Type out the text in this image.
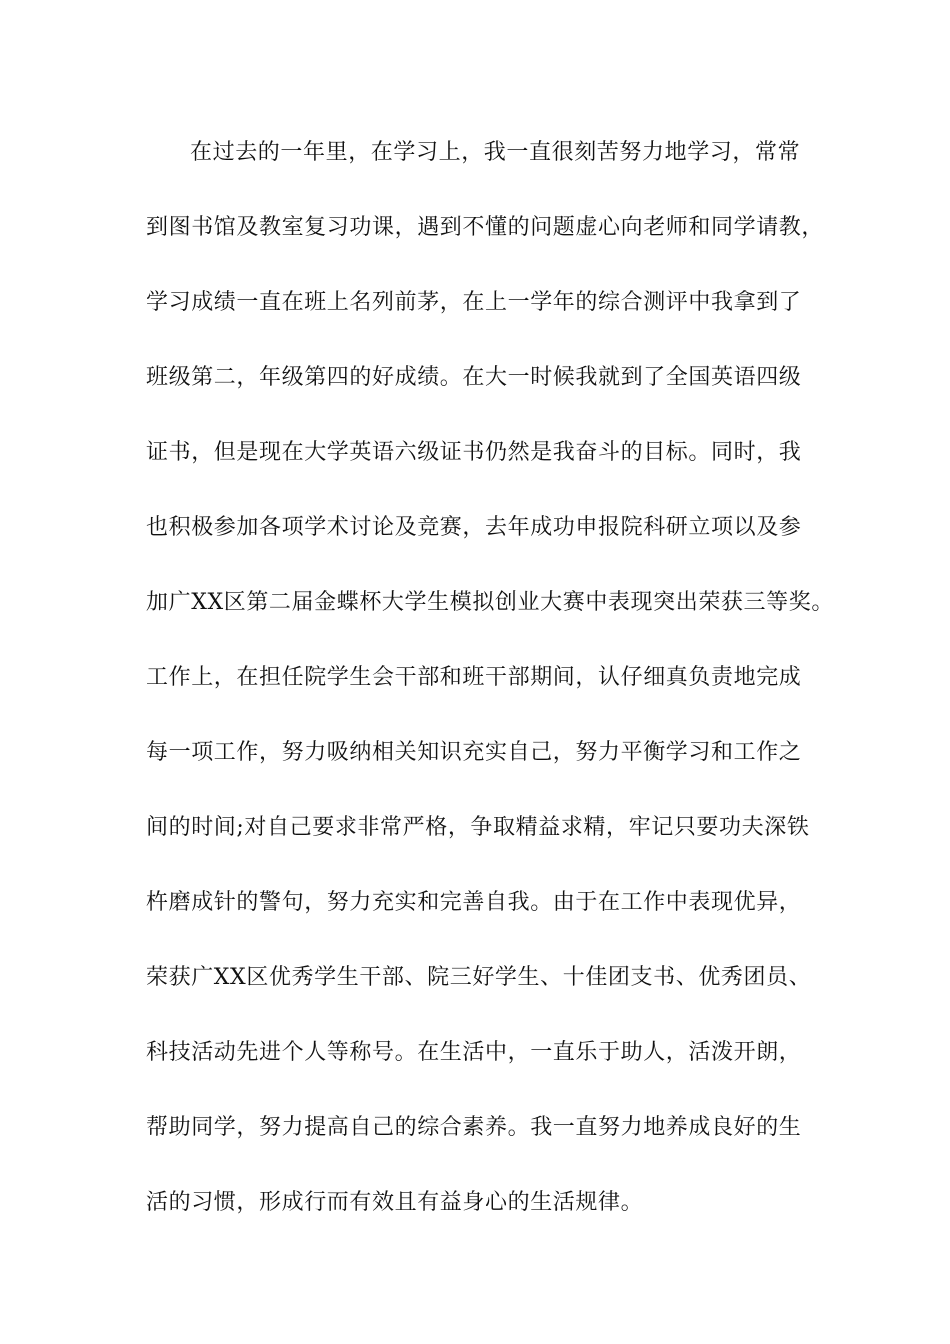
在过去的一年里，在学习上，我一直很刻苦努力地学习，常常
到图书馆及教室复习功课，遇到不懂的问题虚心向老师和同学请教，
学习成绩一直在班上名列前茅，在上一学年的综合测评中我拿到了
班级第二，年级第四的好成绩。在大一时候我就到了全国英语四级
证书，但是现在大学英语六级证书仍然是我奋斗的目标。同时，我
也积极参加各项学术讨论及竞赛，去年成功申报院科研立项以及参
加广XX区第二届金蝶杯大学生模拟创业大赛中表现突出荣获三等奖。
工作上，在担任院学生会干部和班干部期间，认仔细真负责地完成
每一项工作，努力吸纳相关知识充实自己，努力平衡学习和工作之
间的时间;对自己要求非常严格，争取精益求精，牢记只要功夫深铁
杵磨成针的警句，努力充实和完善自我。由于在工作中表现优异，
荣获广XX区优秀学生干部、院三好学生、十佳团支书、优秀团员、
科技活动先进个人等称号。在生活中，一直乐于助人，活泼开朗，
帮助同学，努力提高自己的综合素养。我一直努力地养成良好的生
活的习惯，形成行而有效且有益身心的生活规律。
